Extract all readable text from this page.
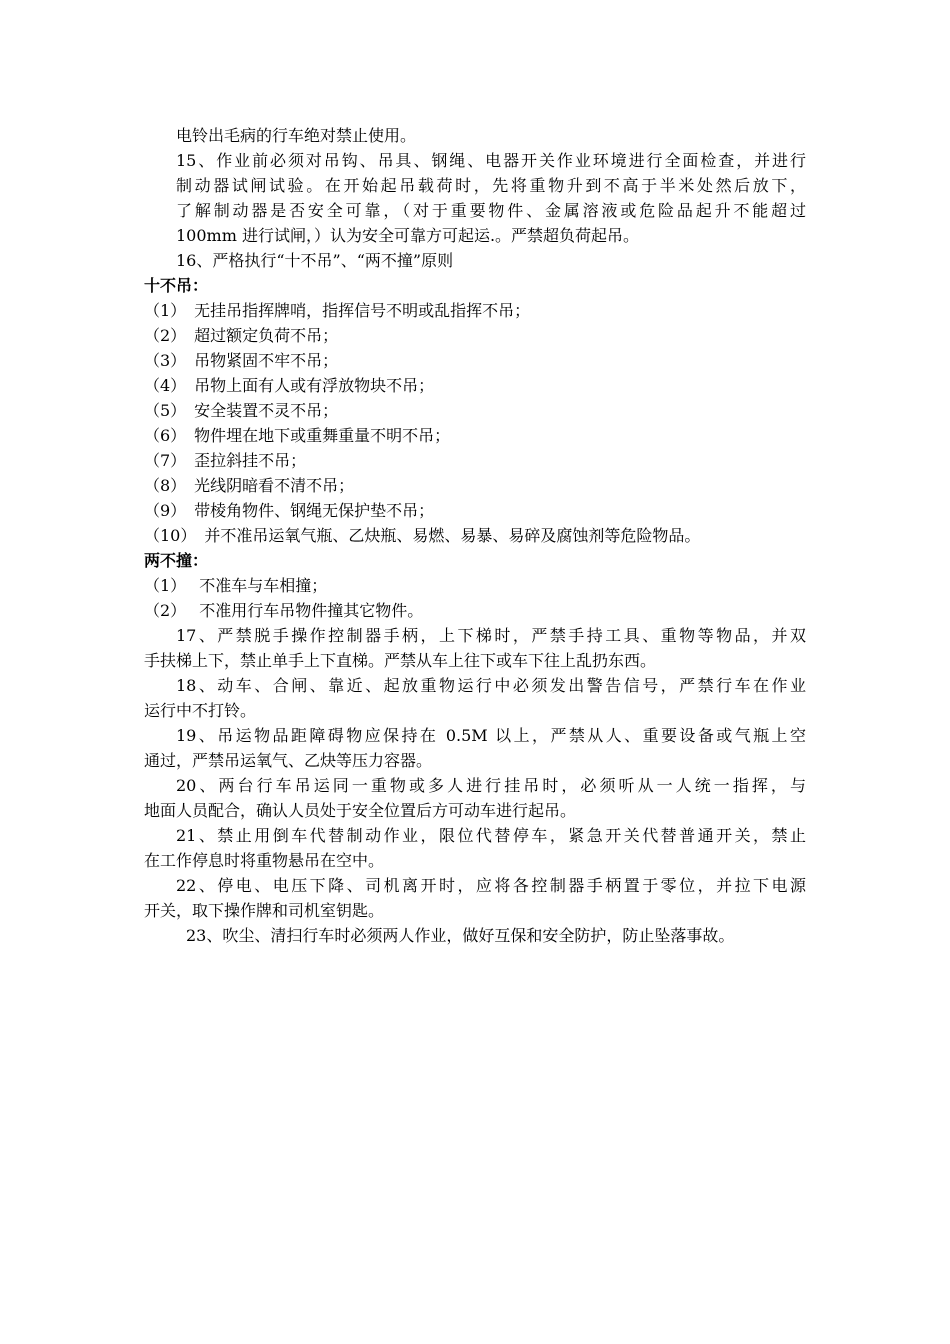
电铃出毛病的行车绝对禁止使用。
15、作业前必须对吊钩、吊具、钢绳、电器开关作业环境进行全面检查，并进行
制动器试闸试验。在开始起吊载荷时，先将重物升到不高于半米处然后放下，
了解制动器是否安全可靠，（对于重要物件、金属溶液或危险品起升不能超过
100mm 进行试闸，）认为安全可靠方可起运.。严禁超负荷起吊。
16、严格执行“十不吊”、“两不撞”原则
十不吊：
（1）　无挂吊指挥牌哨，指挥信号不明或乱指挥不吊；
（2）　超过额定负荷不吊；
（3）　吊物紧固不牢不吊；
（4）　吊物上面有人或有浮放物块不吊；
（5）　安全装置不灵不吊；
（6）　物件埋在地下或重舞重量不明不吊；
（7）　歪拉斜挂不吊；
（8）　光线阴暗看不清不吊；
（9）　带棱角物件、钢绳无保护垫不吊；
（10）　并不准吊运氧气瓶、乙炔瓶、易燃、易暴、易碎及腐蚀剂等危险物品。
两不撞：
（1）　 不准车与车相撞；
（2）　 不准用行车吊物件撞其它物件。
17、严禁脱手操作控制器手柄，上下梯时，严禁手持工具、重物等物品，并双
手扶梯上下，禁止单手上下直梯。严禁从车上往下或车下往上乱扔东西。
18、动车、合闸、靠近、起放重物运行中必须发出警告信号，严禁行车在作业
运行中不打铃。
19、吊运物品距障碍物应保持在 0.5M 以上，严禁从人、重要设备或气瓶上空
通过，严禁吊运氧气、乙炔等压力容器。
20、两台行车吊运同一重物或多人进行挂吊时，必须听从一人统一指挥，与
地面人员配合，确认人员处于安全位置后方可动车进行起吊。
21、禁止用倒车代替制动作业，限位代替停车，紧急开关代替普通开关，禁止
在工作停息时将重物悬吊在空中。
22、停电、电压下降、司机离开时，应将各控制器手柄置于零位，并拉下电源
开关，取下操作牌和司机室钥匙。
23、吹尘、清扫行车时必须两人作业，做好互保和安全防护，防止坠落事故。
